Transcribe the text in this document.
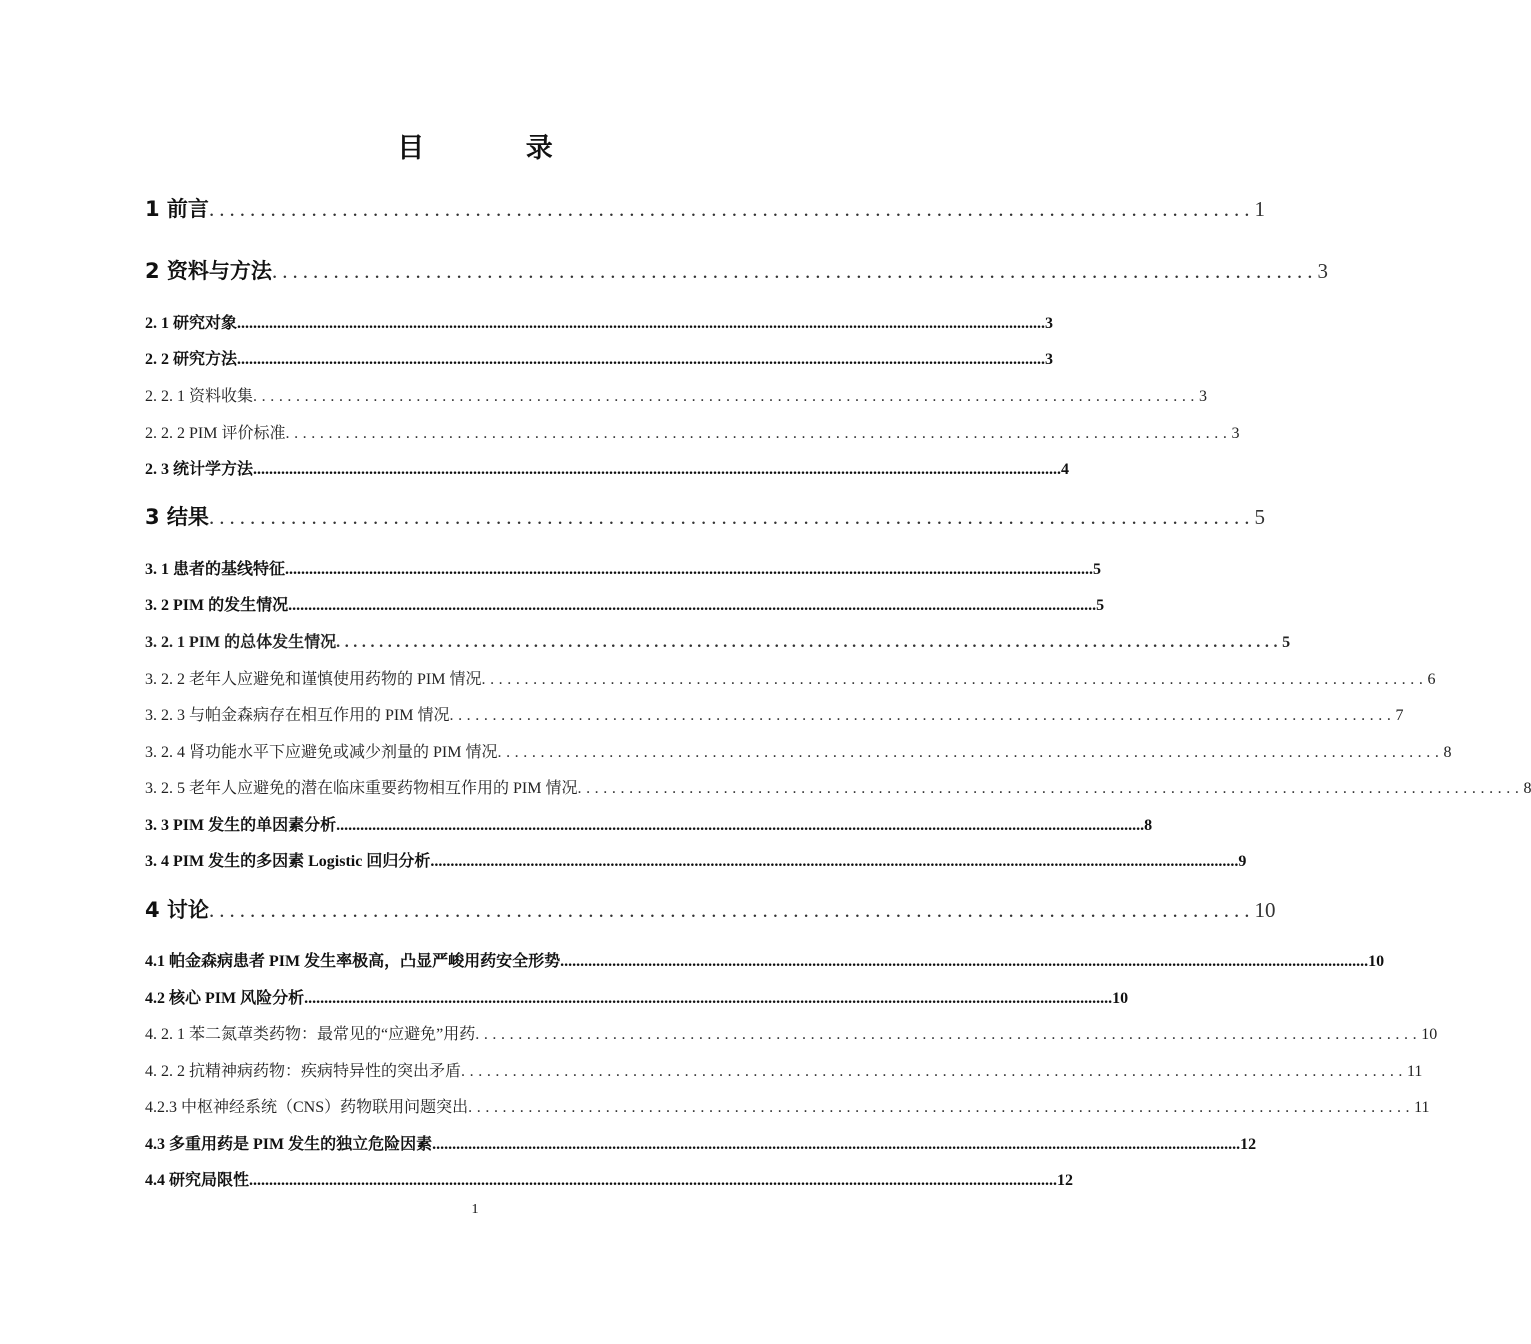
目 录
1 前言 ...................................................................................................... 1
2 资料与方法 ...................................................................................................... 3
2. 1 研究对象 .......................................................................................................................................................................................................... 3
2. 2 研究方法 .......................................................................................................................................................................................................... 3
2. 2. 1 资料收集 .............................................................................................................. 3
2. 2. 2 PIM 评价标准 .............................................................................................................. 3
2. 3 统计学方法 .......................................................................................................................................................................................................... 4
3 结果 ...................................................................................................... 5
3. 1 患者的基线特征 .......................................................................................................................................................................................................... 5
3. 2 PIM 的发生情况 .......................................................................................................................................................................................................... 5
3. 2. 1 PIM 的总体发生情况 .............................................................................................................. 5
3. 2. 2 老年人应避免和谨慎使用药物的 PIM 情况 .............................................................................................................. 6
3. 2. 3 与帕金森病存在相互作用的 PIM 情况 .............................................................................................................. 7
3. 2. 4 肾功能水平下应避免或减少剂量的 PIM 情况 .............................................................................................................. 8
3. 2. 5 老年人应避免的潜在临床重要药物相互作用的 PIM 情况 .............................................................................................................. 8
3. 3 PIM 发生的单因素分析 .......................................................................................................................................................................................................... 8
3. 4 PIM 发生的多因素 Logistic 回归分析 .......................................................................................................................................................................................................... 9
4 讨论 ...................................................................................................... 10
4.1 帕金森病患者 PIM 发生率极高，凸显严峻用药安全形势 .......................................................................................................................................................................................................... 10
4.2 核心 PIM 风险分析 .......................................................................................................................................................................................................... 10
4. 2. 1 苯二氮䓬类药物：最常见的“应避免”用药 .............................................................................................................. 10
4. 2. 2 抗精神病药物：疾病特异性的突出矛盾 .............................................................................................................. 11
4.2.3 中枢神经系统（CNS）药物联用问题突出 .............................................................................................................. 11
4.3 多重用药是 PIM 发生的独立危险因素 .......................................................................................................................................................................................................... 12
4.4 研究局限性 .......................................................................................................................................................................................................... 12
1
